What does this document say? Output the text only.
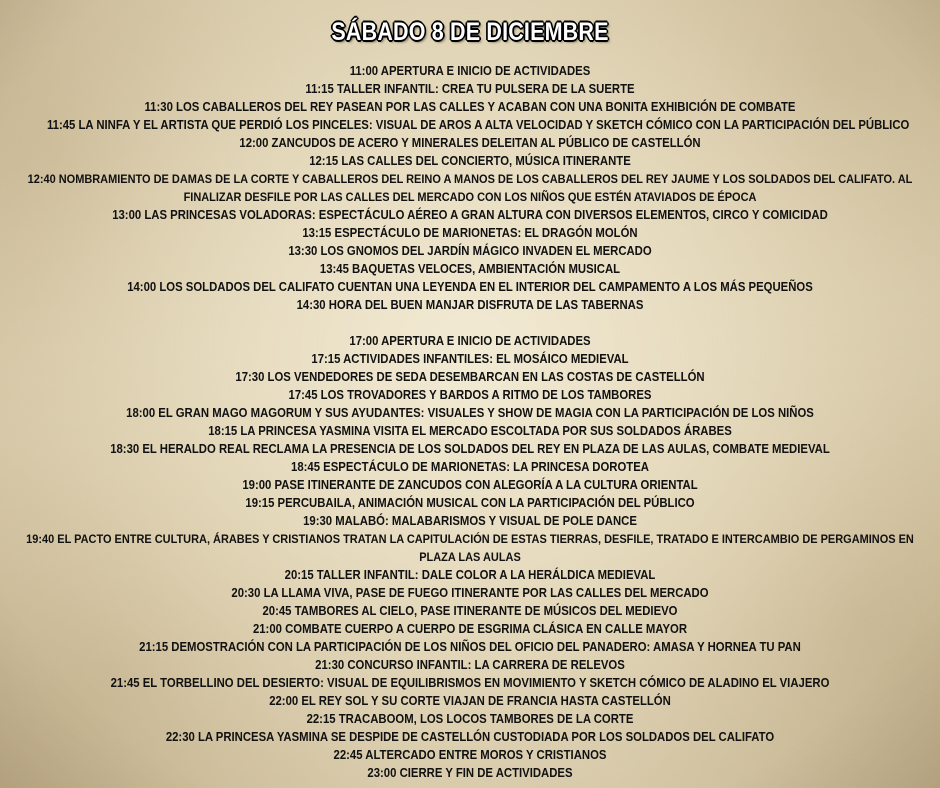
SÁBADO 8 DE DICIEMBRE
11:00 APERTURA E INICIO DE ACTIVIDADES
11:15 TALLER INFANTIL: CREA TU PULSERA DE LA SUERTE
11:30 LOS CABALLEROS DEL REY PASEAN POR LAS CALLES Y ACABAN CON UNA BONITA EXHIBICIÓN DE COMBATE
11:45 LA NINFA Y EL ARTISTA QUE PERDIÓ LOS PINCELES: VISUAL DE AROS A ALTA VELOCIDAD Y SKETCH CÓMICO CON LA PARTICIPACIÓN DEL PÚBLICO
12:00 ZANCUDOS DE ACERO Y MINERALES DELEITAN AL PÚBLICO DE CASTELLÓN
12:15 LAS CALLES DEL CONCIERTO, MÚSICA ITINERANTE
12:40 NOMBRAMIENTO DE DAMAS DE LA CORTE Y CABALLEROS DEL REINO A MANOS DE LOS CABALLEROS DEL REY JAUME Y LOS SOLDADOS DEL CALIFATO. AL FINALIZAR DESFILE POR LAS CALLES DEL MERCADO CON LOS NIÑOS QUE ESTÉN ATAVIADOS DE ÉPOCA
13:00 LAS PRINCESAS VOLADORAS: ESPECTÁCULO AÉREO A GRAN ALTURA CON DIVERSOS ELEMENTOS, CIRCO Y COMICIDAD
13:15 ESPECTÁCULO DE MARIONETAS: EL DRAGÓN MOLÓN
13:30 LOS GNOMOS DEL JARDÍN MÁGICO INVADEN EL MERCADO
13:45 BAQUETAS VELOCES, AMBIENTACIÓN MUSICAL
14:00 LOS SOLDADOS DEL CALIFATO CUENTAN UNA LEYENDA EN EL INTERIOR DEL CAMPAMENTO A LOS MÁS PEQUEÑOS
14:30 HORA DEL BUEN MANJAR DISFRUTA DE LAS TABERNAS
17:00 APERTURA E INICIO DE ACTIVIDADES
17:15 ACTIVIDADES INFANTILES: EL MOSÁICO MEDIEVAL
17:30 LOS VENDEDORES DE SEDA DESEMBARCAN EN LAS COSTAS DE CASTELLÓN
17:45 LOS TROVADORES Y BARDOS A RITMO DE LOS TAMBORES
18:00 EL GRAN MAGO MAGORUM Y SUS AYUDANTES: VISUALES Y SHOW DE MAGIA CON LA PARTICIPACIÓN DE LOS NIÑOS
18:15 LA PRINCESA YASMINA VISITA EL MERCADO ESCOLTADA POR SUS SOLDADOS ÁRABES
18:30 EL HERALDO REAL RECLAMA LA PRESENCIA DE LOS SOLDADOS DEL REY EN PLAZA DE LAS AULAS, COMBATE MEDIEVAL
18:45 ESPECTÁCULO DE MARIONETAS: LA PRINCESA DOROTEA
19:00 PASE ITINERANTE DE ZANCUDOS CON ALEGORÍA A LA CULTURA ORIENTAL
19:15 PERCUBAILA, ANIMACIÓN MUSICAL CON LA PARTICIPACIÓN DEL PÚBLICO
19:30 MALABÓ: MALABARISMOS Y VISUAL DE POLE DANCE
19:40 EL PACTO ENTRE CULTURA, ÁRABES Y CRISTIANOS TRATAN LA CAPITULACIÓN DE ESTAS TIERRAS, DESFILE, TRATADO E INTERCAMBIO DE PERGAMINOS EN PLAZA LAS AULAS
20:15 TALLER INFANTIL: DALE COLOR A LA HERÁLDICA MEDIEVAL
20:30 LA LLAMA VIVA, PASE DE FUEGO ITINERANTE POR LAS CALLES DEL MERCADO
20:45 TAMBORES AL CIELO, PASE ITINERANTE DE MÚSICOS DEL MEDIEVO
21:00 COMBATE CUERPO A CUERPO DE ESGRIMA CLÁSICA EN CALLE MAYOR
21:15 DEMOSTRACIÓN CON LA PARTICIPACIÓN DE LOS NIÑOS DEL OFICIO DEL PANADERO: AMASA Y HORNEA TU PAN
21:30 CONCURSO INFANTIL: LA CARRERA DE RELEVOS
21:45 EL TORBELLINO DEL DESIERTO: VISUAL DE EQUILIBRISMOS EN MOVIMIENTO Y SKETCH CÓMICO DE ALADINO EL VIAJERO
22:00 EL REY SOL Y SU CORTE VIAJAN DE FRANCIA HASTA CASTELLÓN
22:15 TRACABOOM, LOS LOCOS TAMBORES DE LA CORTE
22:30 LA PRINCESA YASMINA SE DESPIDE DE CASTELLÓN CUSTODIADA POR LOS SOLDADOS DEL CALIFATO
22:45 ALTERCADO ENTRE MOROS Y CRISTIANOS
23:00 CIERRE Y FIN DE ACTIVIDADES
